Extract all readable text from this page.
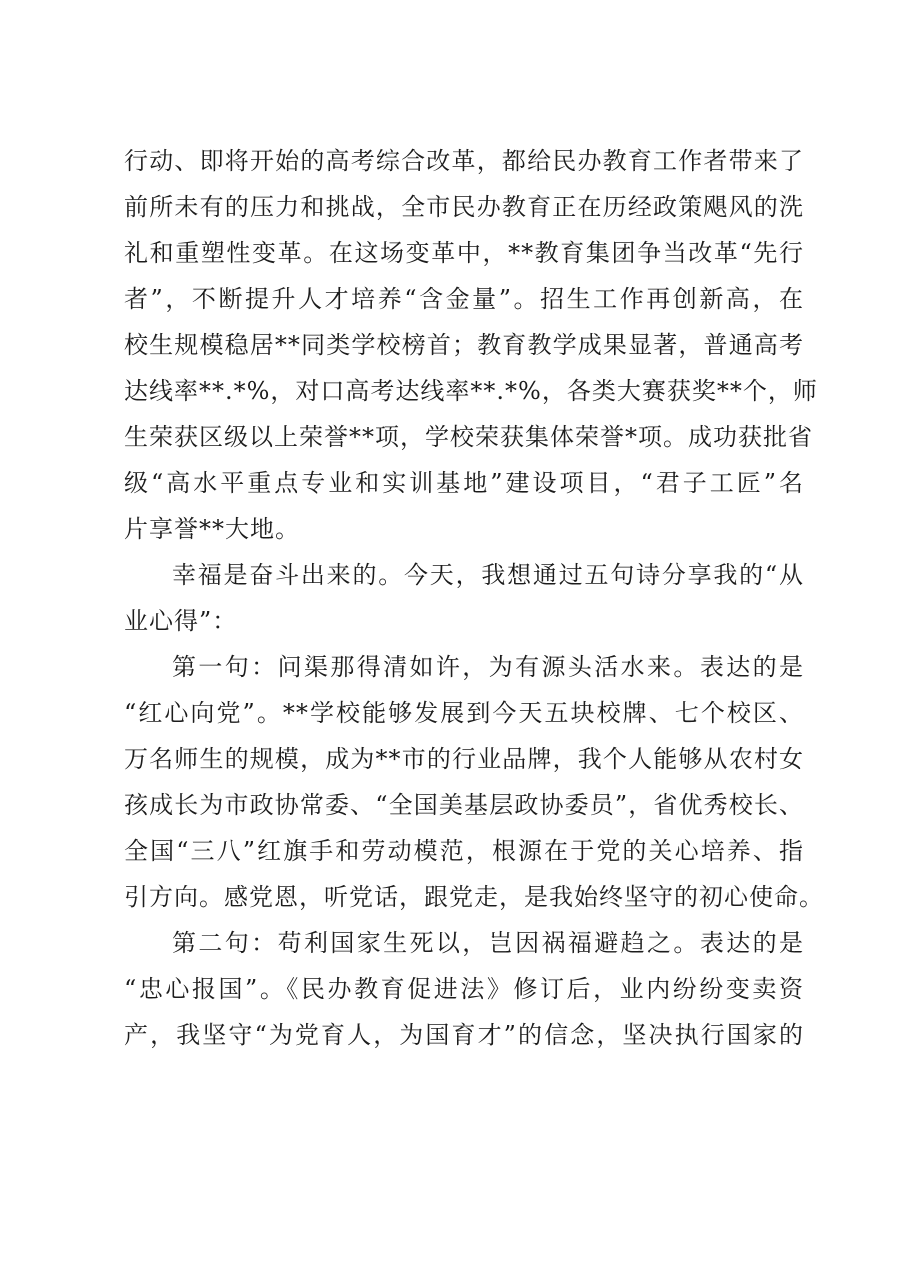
行动、即将开始的高考综合改革，都给民办教育工作者带来了
前所未有的压力和挑战，全市民办教育正在历经政策飓风的洗
礼和重塑性变革。在这场变革中，**教育集团争当改革“先行
者”，不断提升人才培养“含金量”。招生工作再创新高，在
校生规模稳居**同类学校榜首；教育教学成果显著，普通高考
达线率**.*%，对口高考达线率**.*%，各类大赛获奖**个，师
生荣获区级以上荣誉**项，学校荣获集体荣誉*项。成功获批省
级“高水平重点专业和实训基地”建设项目，“君子工匠”名
片享誉**大地。
幸福是奋斗出来的。今天，我想通过五句诗分享我的“从
业心得”：
第一句：问渠那得清如许，为有源头活水来。表达的是
“红心向党”。**学校能够发展到今天五块校牌、七个校区、
万名师生的规模，成为**市的行业品牌，我个人能够从农村女
孩成长为市政协常委、“全国美基层政协委员”，省优秀校长、
全国“三八”红旗手和劳动模范，根源在于党的关心培养、指
引方向。感党恩，听党话，跟党走，是我始终坚守的初心使命。
第二句：苟利国家生死以，岂因祸福避趋之。表达的是
“忠心报国”。《民办教育促进法》修订后，业内纷纷变卖资
产，我坚守“为党育人，为国育才”的信念，坚决执行国家的
